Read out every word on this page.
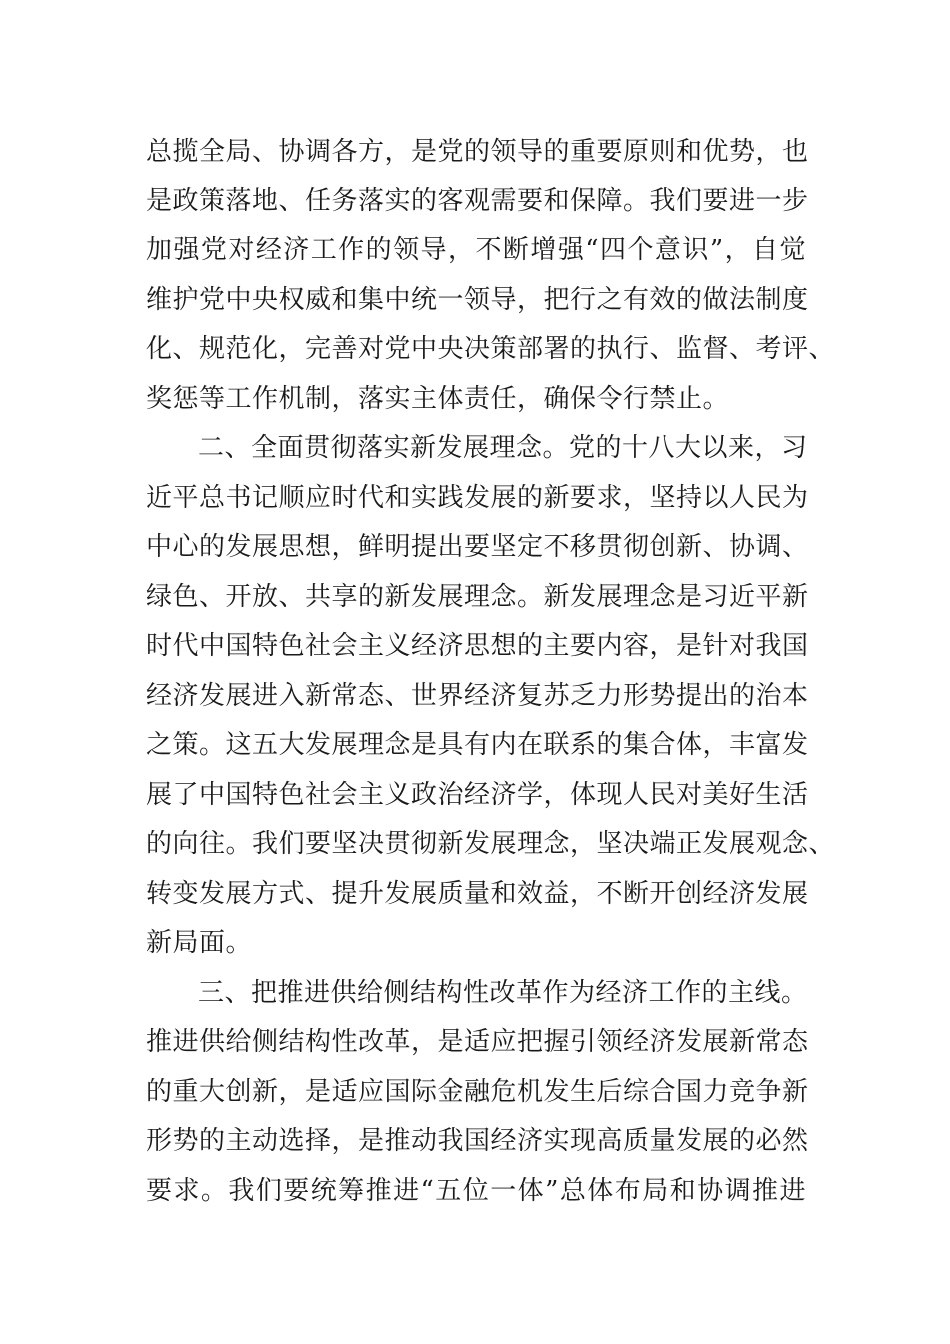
总揽全局、协调各方，是党的领导的重要原则和优势，也
是政策落地、任务落实的客观需要和保障。我们要进一步
加强党对经济工作的领导，不断增强“四个意识”，自觉
维护党中央权威和集中统一领导，把行之有效的做法制度
化、规范化，完善对党中央决策部署的执行、监督、考评、
奖惩等工作机制，落实主体责任，确保令行禁止。
二、全面贯彻落实新发展理念。党的十八大以来，习
近平总书记顺应时代和实践发展的新要求，坚持以人民为
中心的发展思想，鲜明提出要坚定不移贯彻创新、协调、
绿色、开放、共享的新发展理念。新发展理念是习近平新
时代中国特色社会主义经济思想的主要内容，是针对我国
经济发展进入新常态、世界经济复苏乏力形势提出的治本
之策。这五大发展理念是具有内在联系的集合体，丰富发
展了中国特色社会主义政治经济学，体现人民对美好生活
的向往。我们要坚决贯彻新发展理念，坚决端正发展观念、
转变发展方式、提升发展质量和效益，不断开创经济发展
新局面。
三、把推进供给侧结构性改革作为经济工作的主线。
推进供给侧结构性改革，是适应把握引领经济发展新常态
的重大创新，是适应国际金融危机发生后综合国力竞争新
形势的主动选择，是推动我国经济实现高质量发展的必然
要求。我们要统筹推进“五位一体”总体布局和协调推进
